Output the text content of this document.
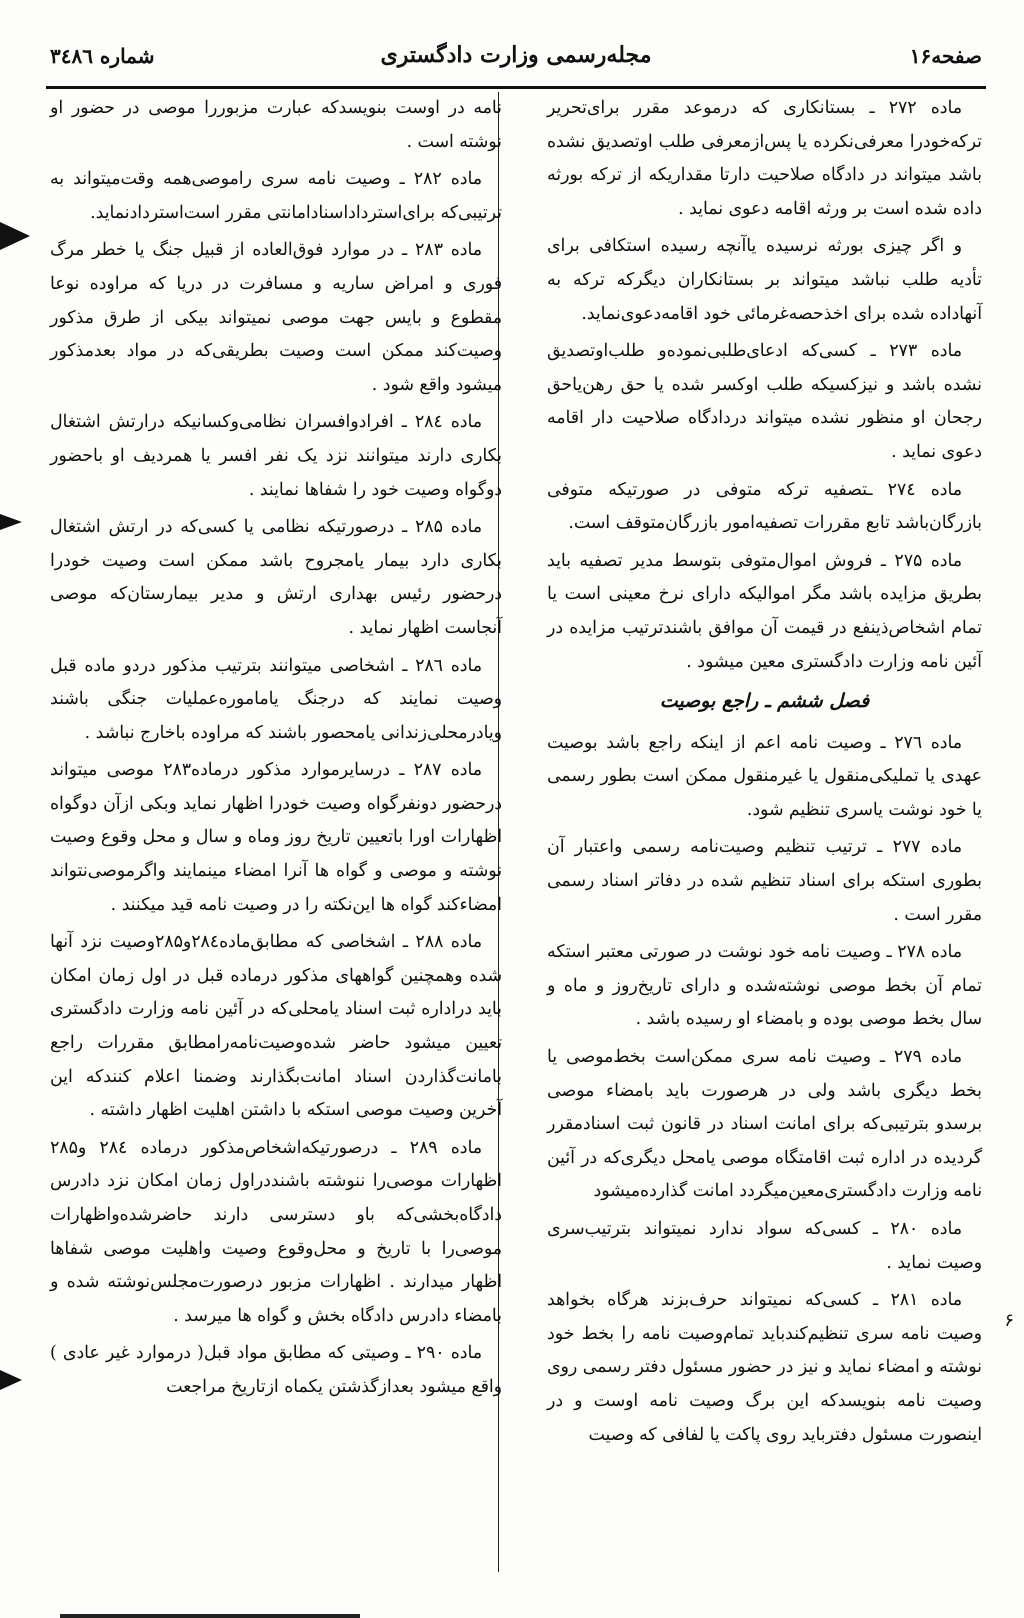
صفحه۱۶
مجله‌رسمی وزارت دادگستری
شماره ۳٤۸٦

ماده ۲۷۲ ـ بستانکاری که درموعد مقرر برای‌تحریر ترکه‌خودرا معرفی‌نکرده یا پس‌ازمعرفی طلب اوتصدیق نشده باشد میتواند در دادگاه صلاحیت دارتا مقداریکه از ترکه بورثه داده شده است بر ورثه اقامه دعوی نماید .

و اگر چیزی بورثه نرسیده یاآنچه رسیده استکافی برای تأدیه طلب نباشد میتواند بر بستانکاران دیگرکه ترکه به آنهاداده شده برای اخذحصه‌غرمائی خود اقامه‌دعوی‌نماید.

ماده ۲۷۳ ـ کسی‌که ادعای‌طلبی‌نموده‌و طلب‌او‌تصدیق نشده باشد و نیزکسیکه طلب اوکسر شده یا حق رهن‌یاحق رجحان او منظور نشده میتواند دردادگاه صلاحیت دار اقامه دعوی نماید .

ماده ۲۷٤ ـتصفیه ترکه متوفی در صورتیکه متوفی بازرگان‌باشد تابع مقررات تصفیه‌امور بازرگان‌متوقف است.

ماده ۲۷۵ ـ فروش اموال‌متوفی بتوسط مدیر تصفیه باید بطریق مزایده باشد مگر اموالیکه دارای نرخ معینی است یا تمام اشخاص‌ذینفع در قیمت آن موافق باشندترتیب مزایده در آئین نامه وزارت دادگستری معین میشود .

فصل ششم ـ راجع بوصیت

ماده ۲۷٦ ـ وصیت نامه اعم از اینکه راجع باشد بوصیت عهدی یا تملیکی‌منقول یا غیرمنقول ممکن است بطور رسمی یا خود نوشت یاسری تنظیم شود.

ماده ۲۷۷ ـ ترتیب تنظیم وصیت‌نامه رسمی واعتبار آن بطوری استکه برای اسناد تنظیم شده در دفاتر اسناد رسمی مقرر است .

ماده ۲۷۸ ـ وصیت نامه خود نوشت در صورتی معتبر استکه تمام آن بخط موصی نوشته‌شده و دارای تاریخ‌روز و ماه و سال بخط موصی بوده و بامضاء او رسیده باشد .

ماده ۲۷۹ ـ وصیت نامه سری ممکن‌است بخط‌موصی یا بخط دیگری باشد ولی در هرصورت باید بامضاء موصی برسدو بترتیبی‌که برای امانت اسناد در قانون ثبت اسنادمقرر گردیده در اداره ثبت اقامتگاه موصی یامحل دیگری‌که در آئین نامه وزارت دادگستری‌معین‌میگردد امانت گذارده‌میشود

ماده ۲۸۰ ـ کسی‌که سواد ندارد نمیتواند بترتیب‌سری وصیت نماید .

ماده ۲۸۱ ـ کسی‌که نمیتواند حرف‌بزند هرگاه بخواهد وصیت نامه سری تنظیم‌کندباید تمام‌وصیت نامه را بخط خود نوشته و امضاء نماید و نیز در حضور مسئول دفتر رسمی روی وصیت نامه بنویسدکه‌ این برگ وصیت نامه اوست و در اینصورت مسئول دفترباید روی پاکت یا لفافی که وصیت

نامه در اوست بنویسدکه عبارت مزبوررا موصی در حضور او نوشته است .

ماده ۲۸۲ ـ وصیت نامه سری رامو‌صی‌همه وقت‌میتواند به ترتیبی‌که برای‌استرداداسناد‌امانتی مقرر است‌استردادنماید.

ماده ۲۸۳ ـ در موارد فوق‌العاده از قبیل جنگ یا خطر مرگ فوری و امراض ساریه و مسافرت در دریا که مراوده نوعا مقطوع و بایس جهت موصی نمیتواند بیکی از طرق مذکور وصیت‌کند ممکن است وصیت بطریقی‌که در مواد بعد‌مذکور میشود واقع شود .

ماده ۲۸٤ ـ افرادوافسران نظامی‌وکسانیکه درارتش اشتغال بکاری دارند میتوانند نزد یک نفر افسر یا همردیف او باحضور دوگواه وصیت خود را شفاها نمایند .

ماده ۲۸۵ ـ درصورتیکه نظامی یا کسی‌که در ارتش اشتغال بکاری دارد بیمار یامجروح باشد ممکن است وصیت خودرا درحضور رئیس بهداری ارتش و مدیر بیمارستان‌که موصی آنجاست اظهار نماید .

ماده ۲۸٦ ـ اشخاصی میتوانند بترتیب مذکور دردو ماده قبل وصیت نمایند که درجنگ یاماموره‌عملیات جنگی باشند ویادرمحلی‌زندانی یامحصور باشند که مراوده باخارج نباشد .

ماده ۲۸۷ ـ درسایرموارد مذکور درماده۲۸۳ موصی میتواند درحضور دونفرگواه وصیت خودرا اظهار نماید وبکی ازآن دوگواه اظهارات اورا باتعیین تاریخ روز وماه و سال و محل وقوع وصیت نوشته و موصی و گواه ها آنرا امضاء مینمایند واگرموصی‌نتواند امضاءکند گواه ها این‌نکته را در وصیت نامه قید میکنند .

ماده ۲۸۸ ـ اشخاصی که مطابق‌ماده۲۸٤و۲۸۵وصیت نزد آنها شده وهمچنین گواههای مذکور درماده قبل در اول زمان امکان باید دراداره ثبت اسناد یامحلی‌که در آئین نامه وزارت دادگستری تعیین میشود حاضر شده‌وصیت‌نامه‌رامطابق مقررات راجع بامانت‌گذاردن اسناد امانت‌بگذارند وضمنا اعلام کنند‌که این آخرین وصیت موصی استکه با داشتن اهلیت اظهار داشته .

ماده ۲۸۹ ـ درصورتیکه‌اشخاص‌مذکور درماده ۲۸٤ و۲۸۵ اظهارات موصی‌را ننوشته باشنددراول زمان امکان نزد دادرس دادگاه‌بخشی‌که باو دسترسی دارند حاضرشده‌واظهارات موصی‌را با تاریخ و محل‌وقوع وصیت واهلیت موصی شفاها اظهار میدارند . اظهارات مزبور درصورت‌مجلس‌نوشته شده و بامضاء دادرس دادگاه بخش و گواه ها میرسد .

ماده ۲۹۰ ـ وصیتی که مطابق مواد قبل( درموارد غیر عادی ) واقع میشود بعدازگذشتن یکماه ازتاریخ مراجعت

۶
